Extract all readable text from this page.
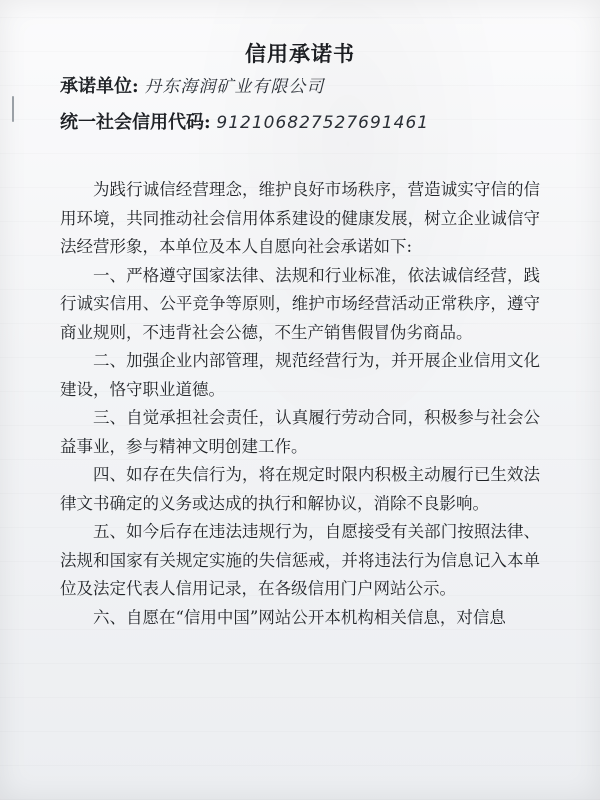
信用承诺书
承诺单位: 丹东海润矿业有限公司
统一社会信用代码: 912106827527691461

为践行诚信经营理念，维护良好市场秩序，营造诚实守信的信用环境，共同推动社会信用体系建设的健康发展，树立企业诚信守法经营形象，本单位及本人自愿向社会承诺如下:

一、严格遵守国家法律、法规和行业标准，依法诚信经营，践行诚实信用、公平竞争等原则，维护市场经营活动正常秩序，遵守商业规则，不违背社会公德，不生产销售假冒伪劣商品。

二、加强企业内部管理，规范经营行为，并开展企业信用文化建设，恪守职业道德。

三、自觉承担社会责任，认真履行劳动合同，积极参与社会公益事业，参与精神文明创建工作。

四、如存在失信行为，将在规定时限内积极主动履行已生效法律文书确定的义务或达成的执行和解协议，消除不良影响。

五、如今后存在违法违规行为，自愿接受有关部门按照法律、法规和国家有关规定实施的失信惩戒，并将违法行为信息记入本单位及法定代表人信用记录，在各级信用门户网站公示。

六、自愿在“信用中国”网站公开本机构相关信息，对信息
